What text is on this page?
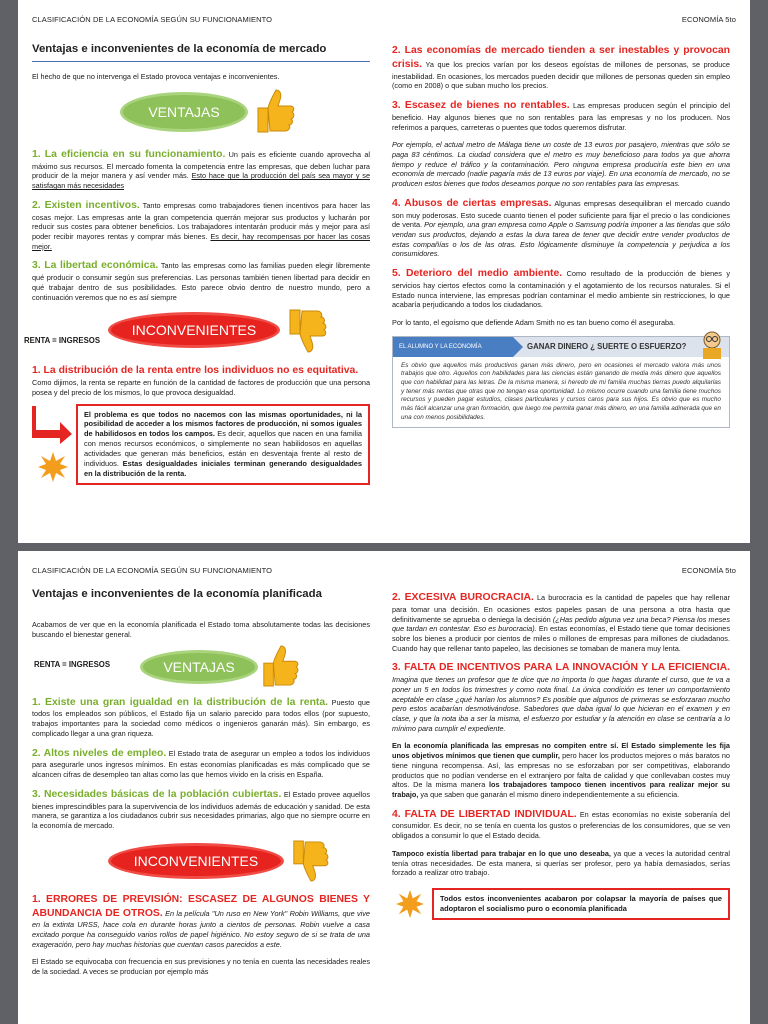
CLASIFICACIÓN DE LA ECONOMÍA SEGÚN SU FUNCIONAMIENTO	ECONOMÍA 5to
Ventajas e inconvenientes de la economía de mercado
El hecho de que no intervenga el Estado provoca ventajas e inconvenientes.
VENTAJAS
1. La eficiencia en su funcionamiento. Un país es eficiente cuando aprovecha al máximo sus recursos. El mercado fomenta la competencia entre las empresas, que deben luchar para producir de la mejor manera y así vender más. Esto hace que la producción del país sea mayor y se satisfagan más necesidades
2. Existen incentivos. Tanto empresas como trabajadores tienen incentivos para hacer las cosas mejor. Las empresas ante la gran competencia querrán mejorar sus productos y lucharán por reducir sus costes para obtener beneficios. Los trabajadores intentarán producir más y mejor para así poder recibir mayores rentas y comprar más bienes. Es decir, hay recompensas por hacer las cosas mejor.
3. La libertad económica. Tanto las empresas como las familias pueden elegir libremente qué producir o consumir según sus preferencias. Las personas también tienen libertad para decidir en qué trabajar dentro de sus posibilidades. Esto parece obvio dentro de nuestro mundo, pero a continuación veremos que no es así siempre
RENTA = INGRESOS
INCONVENIENTES
1. La distribución de la renta entre los individuos no es equitativa.
Como dijimos, la renta se reparte en función de la cantidad de factores de producción que una persona posea y del precio de los mismos, lo que provoca desigualdad.
El problema es que todos no nacemos con las mismas oportunidades, ni la posibilidad de acceder a los mismos factores de producción, ni somos iguales de habilidosos en todos los campos. Es decir, aquellos que nacen en una familia con menos recursos económicos, o simplemente no sean habilidosos en aquellas actividades que generan más beneficios, están en desventaja frente al resto de individuos. Estas desigualdades iniciales terminan generando desigualdades en la distribución de la renta.
2. Las economías de mercado tienden a ser inestables y provocan crisis. Ya que los precios varían por los deseos egoístas de millones de personas, se produce inestabilidad. En ocasiones, los mercados pueden decidir que millones de personas queden sin empleo (como en 2008) o que suban mucho los precios.
3. Escasez de bienes no rentables. Las empresas producen según el principio del beneficio. Hay algunos bienes que no son rentables para las empresas y no los producen. Nos referimos a parques, carreteras o puentes que todos queremos disfrutar.
Por ejemplo, el actual metro de Málaga tiene un coste de 13 euros por pasajero, mientras que sólo se paga 83 céntimos. La ciudad considera que el metro es muy beneficioso para todos ya que ahorra tiempo y reduce el tráfico y la contaminación. Pero ninguna empresa produciría este bien en una economía de mercado (nadie pagaría más de 13 euros por viaje). En una economía de mercado, no se producen estos bienes que todos deseamos porque no son rentables para las empresas.
4. Abusos de ciertas empresas. Algunas empresas desequilibran el mercado cuando son muy poderosas. Esto sucede cuanto tienen el poder suficiente para fijar el precio o las condiciones de venta. Por ejemplo, una gran empresa como Apple o Samsung podría imponer a las tiendas que sólo vendan sus productos, dejando a estas la dura tarea de tener que decidir entre vender productos de estas compañías o los de las otras. Esto lógicamente disminuye la competencia y perjudica a los consumidores.
5. Deterioro del medio ambiente. Como resultado de la producción de bienes y servicios hay ciertos efectos como la contaminación y el agotamiento de los recursos naturales. Si el Estado nunca interviene, las empresas podrían contaminar el medio ambiente sin restricciones, lo que acabaría perjudicando a todos los ciudadanos.
Por lo tanto, el egoísmo que defiende Adam Smith no es tan bueno como él aseguraba.
EL ALUMNO Y LA ECONOMÍA	GANAR DINERO ¿ SUERTE O ESFUERZO?
Es obvio que aquellos más productivos ganan más dinero, pero en ocasiones el mercado valora más unos trabajos que otro. Aquellos con habilidades para las ciencias están ganando de media más dinero que aquellos que con habilidad para las letras. De la misma manera, si heredo de mi familia muchas tierras puedo alquilarlas y tener más rentas que otras que no tengan esa oportunidad. Lo mismo ocurre cuando una familia tiene muchos recursos y pueden pagar estudios, clases particulares y cursos caros para sus hijos. Es obvio que es mucho más fácil alcanzar una gran formación, que luego me permita ganar más dinero, en una familia adinerada que en una con menos posibilidades.
CLASIFICACIÓN DE LA ECONOMÍA SEGÚN SU FUNCIONAMIENTO	ECONOMÍA 5to
Ventajas e inconvenientes de la economía planificada
Acabamos de ver que en la economía planificada el Estado toma absolutamente todas las decisiones buscando el bienestar general.
RENTA = INGRESOS	VENTAJAS
1. Existe una gran igualdad en la distribución de la renta. Puesto que todos los empleados son públicos, el Estado fija un salario parecido para todos ellos (por supuesto, trabajos importantes para la sociedad como médicos o ingenieros ganarán más). Sin embargo, es complicado llegar a una gran riqueza.
2. Altos niveles de empleo. El Estado trata de asegurar un empleo a todos los individuos para asegurarle unos ingresos mínimos. En estas economías planificadas es más complicado que se alcancen cifras de desempleo tan altas como las que hemos vivido en la crisis en España.
3. Necesidades básicas de la población cubiertas. El Estado provee aquellos bienes imprescindibles para la supervivencia de los individuos además de educación y sanidad. De esta manera, se garantiza a los ciudadanos cubrir sus necesidades primarias, algo que no siempre ocurre en la economía de mercado.
INCONVENIENTES
1. ERRORES DE PREVISIÓN: ESCASEZ DE ALGUNOS BIENES Y ABUNDANCIA DE OTROS. En la película "Un ruso en New York" Robin Williams, que vive en la extinta URSS, hace cola en durante horas junto a cientos de personas. Robin vuelve a casa excitado porque ha conseguido varios rollos de papel higiénico. No estoy seguro de si se trata de una exageración, pero hay muchas historias que cuentan casos parecidos a este.
El Estado se equivocaba con frecuencia en sus previsiones y no tenía en cuenta las necesidades reales de la sociedad. A veces se producían por ejemplo más
2. EXCESIVA BUROCRACIA. La burocracia es la cantidad de papeles que hay rellenar para tomar una decisión. En ocasiones estos papeles pasan de una persona a otra hasta que definitivamente se aprueba o deniega la decisión (¿Has pedido alguna vez una beca? Piensa los meses que tardan en contestar. Eso es burocracia). En estas economías, el Estado tiene que tomar decisiones sobre los bienes a producir por cientos de miles o millones de empresas para millones de ciudadanos. Cuando hay que rellenar tanto papeleo, las decisiones se tomaban de manera muy lenta.
3. FALTA DE INCENTIVOS PARA LA INNOVACIÓN Y LA EFICIENCIA. Imagina que tienes un profesor que te dice que no importa lo que hagas durante el curso, que te va a poner un 5 en todos los trimestres y como nota final. La única condición es tener un comportamiento aceptable en clase ¿qué harían los alumnos? Es posible que algunos de primeras se esforzaran mucho pero estos acabarían desmotivándose. Sabedores que daba igual lo que hicieran en el examen y en clase, y que la nota iba a ser la misma, el esfuerzo por estudiar y la atención en clase se centraría a lo mínimo para cumplir el expediente.
En la economía planificada las empresas no compiten entre sí. El Estado simplemente les fija unos objetivos mínimos que tienen que cumplir, pero hacer los productos mejores o más baratos no tiene ninguna recompensa. Así, las empresas no se esforzaban por ser competitivas, elaborando productos que no podían venderse en el extranjero por falta de calidad y que conllevaban costes muy altos. De la misma manera los trabajadores tampoco tienen incentivos para realizar mejor su trabajo, ya que saben que ganarán el mismo dinero independientemente a su eficiencia.
4. FALTA DE LIBERTAD INDIVIDUAL. En estas economías no existe soberanía del consumidor. Es decir, no se tenía en cuenta los gustos o preferencias de los consumidores, que se ven obligados a consumir lo que el Estado decida.
Tampoco existía libertad para trabajar en lo que uno deseaba, ya que a veces la autoridad central tenía otras necesidades. De esta manera, si querías ser profesor, pero ya había demasiados, serías forzado a realizar otro trabajo.
Todos estos inconvenientes acabaron por colapsar la mayoría de países que adoptaron el socialismo puro o economía planificada
